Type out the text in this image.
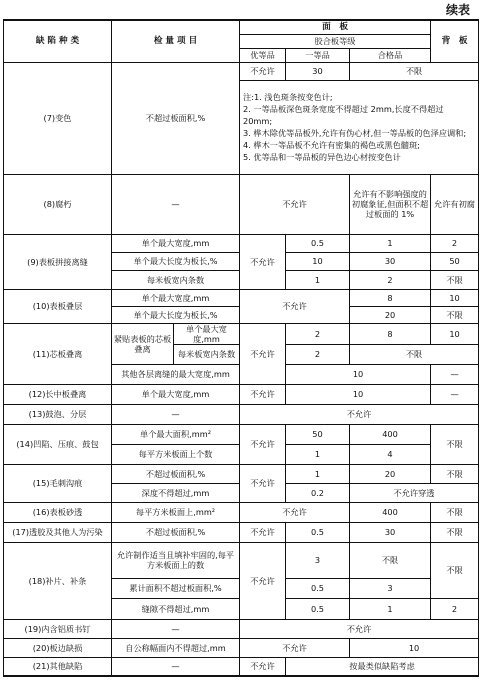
续表
缺 陷 种 类	检 量 项 目		面　板			背　板
			胶合板等级			
			优等品	一等品	合格品	
(7)变色	不超过板面积,%		不允许	30	不限	

			注:1. 浅色斑条按变色计;
2. 一等品板深色斑条宽度不得超过 2mm,长度不得超过 20mm;
3. 桦木除优等品板外,允许有伪心材,但一等品板的色泽应调和;
4. 桦木一等品板不允许有密集的褐色或黑色髓斑;
5. 优等品和一等品板的异色边心材按变色计			

(8)腐朽	—		不允许		允许有不影响强度的初腐象征,但面积不超过板面的 1%	允许有初腐
(9)表板拼接离缝	单个最大宽度,mm		不允许	0.5	1	2
	单个最大长度为板长,%			10	30	50
	每米板宽内条数			1	2	不限
(10)表板叠层	单个最大宽度,mm		不允许		8	10
	单个最大长度为板长,%				20	不限
(11)芯板叠离	紧贴表板的芯板叠离	单个最大宽度,mm	不允许	2	8	10
		每米板宽内条数		2	不限	
	其他各层离缝的最大宽度,mm			10		—
(12)长中板叠离	单个最大宽度,mm		不允许	10		—
(13)鼓泡、分层	—		不允许			
(14)凹陷、压痕、鼓包	单个最大面积,mm²		不允许	50	400	不限
	每平方米板面上个数			1	4	
(15)毛刺沟痕	不超过板面积,%		不允许	1	20	不限
	深度不得超过,mm			0.2	不允许穿透	
(16)表板砂透	每平方米板面上,mm²		不允许		400	不限
(17)透胶及其他人为污染	不超过板面积,%		不允许	0.5	30	不限
(18)补片、补条	允许制作适当且填补牢固的,每平方米板面上的数		不允许	3	不限	不限
	累计面积不超过板面积,%			0.5	3	
	缝隙不得超过,mm			0.5	1	2
(19)内含铝质书钉	—		不允许			
(20)板边缺损	自公称幅面内不得超过,mm		不允许		10	
(21)其他缺陷	—		不允许	按最类似缺陷考虑		
